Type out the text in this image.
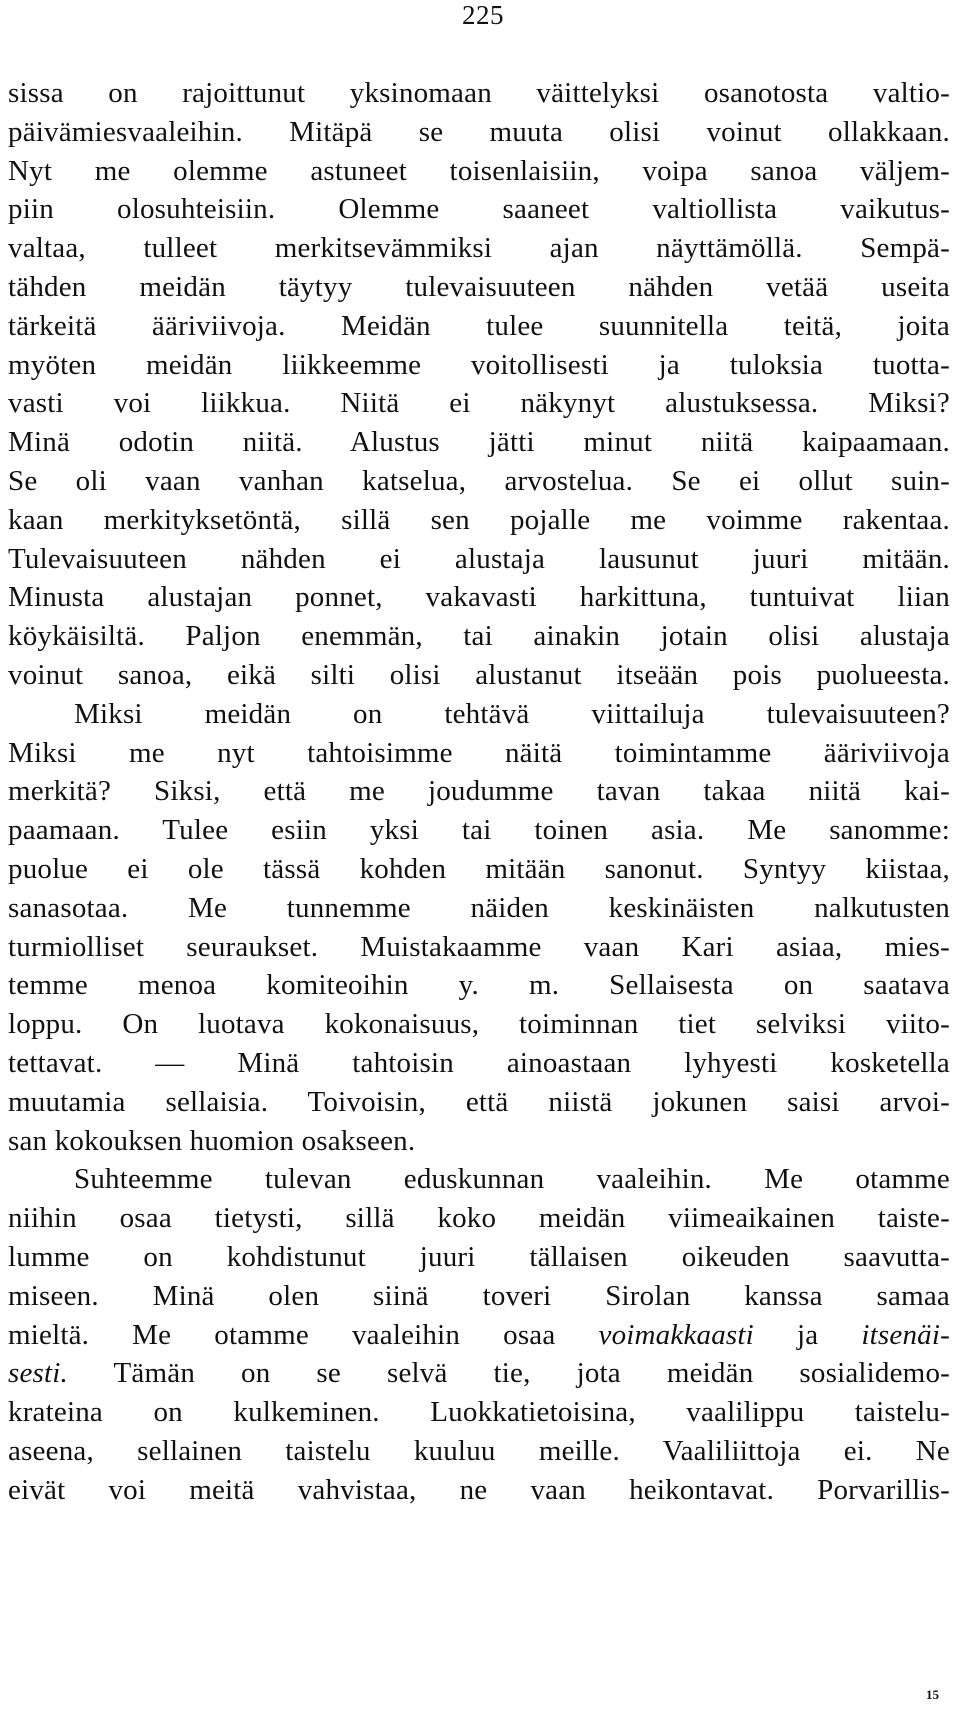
225
sissa on rajoittunut yksinomaan väittelyksi osanotosta valtio-
päivämiesvaaleihin. Mitäpä se muuta olisi voinut ollakkaan.
Nyt me olemme astuneet toisenlaisiin, voipa sanoa väljem-
piin olosuhteisiin. Olemme saaneet valtiollista vaikutus-
valtaa, tulleet merkitsevämmiksi ajan näyttämöllä. Sempä-
tähden meidän täytyy tulevaisuuteen nähden vetää useita
tärkeitä ääriviivoja. Meidän tulee suunnitella teitä, joita
myöten meidän liikkeemme voitollisesti ja tuloksia tuotta-
vasti voi liikkua. Niitä ei näkynyt alustuksessa. Miksi?
Minä odotin niitä. Alustus jätti minut niitä kaipaamaan.
Se oli vaan vanhan katselua, arvostelua. Se ei ollut suin-
kaan merkityksetöntä, sillä sen pojalle me voimme rakentaa.
Tulevaisuuteen nähden ei alustaja lausunut juuri mitään.
Minusta alustajan ponnet, vakavasti harkittuna, tuntuivat liian
köykäisiltä. Paljon enemmän, tai ainakin jotain olisi alustaja
voinut sanoa, eikä silti olisi alustanut itseään pois puolueesta.
Miksi meidän on tehtävä viittailuja tulevaisuuteen?
Miksi me nyt tahtoisimme näitä toimintamme ääriviivoja
merkitä? Siksi, että me joudumme tavan takaa niitä kai-
paamaan. Tulee esiin yksi tai toinen asia. Me sanomme:
puolue ei ole tässä kohden mitään sanonut. Syntyy kiistaa,
sanasotaa. Me tunnemme näiden keskinäisten nalkutusten
turmiolliset seuraukset. Muistakaamme vaan Kari asiaa, mies-
temme menoa komiteoihin y. m. Sellaisesta on saatava
loppu. On luotava kokonaisuus, toiminnan tiet selviksi viito-
tettavat. — Minä tahtoisin ainoastaan lyhyesti kosketella
muutamia sellaisia. Toivoisin, että niistä jokunen saisi arvoi-
san kokouksen huomion osakseen.
Suhteemme tulevan eduskunnan vaaleihin. Me otamme
niihin osaa tietysti, sillä koko meidän viimeaikainen taiste-
lumme on kohdistunut juuri tällaisen oikeuden saavutta-
miseen. Minä olen siinä toveri Sirolan kanssa samaa
mieltä. Me otamme vaaleihin osaa voimakkaasti ja itsenäi-
sesti. Tämän on se selvä tie, jota meidän sosialidemo-
krateina on kulkeminen. Luokkatietoisina, vaalilippu taistelu-
aseena, sellainen taistelu kuuluu meille. Vaaliliittoja ei. Ne
eivät voi meitä vahvistaa, ne vaan heikontavat. Porvarillis-
15
